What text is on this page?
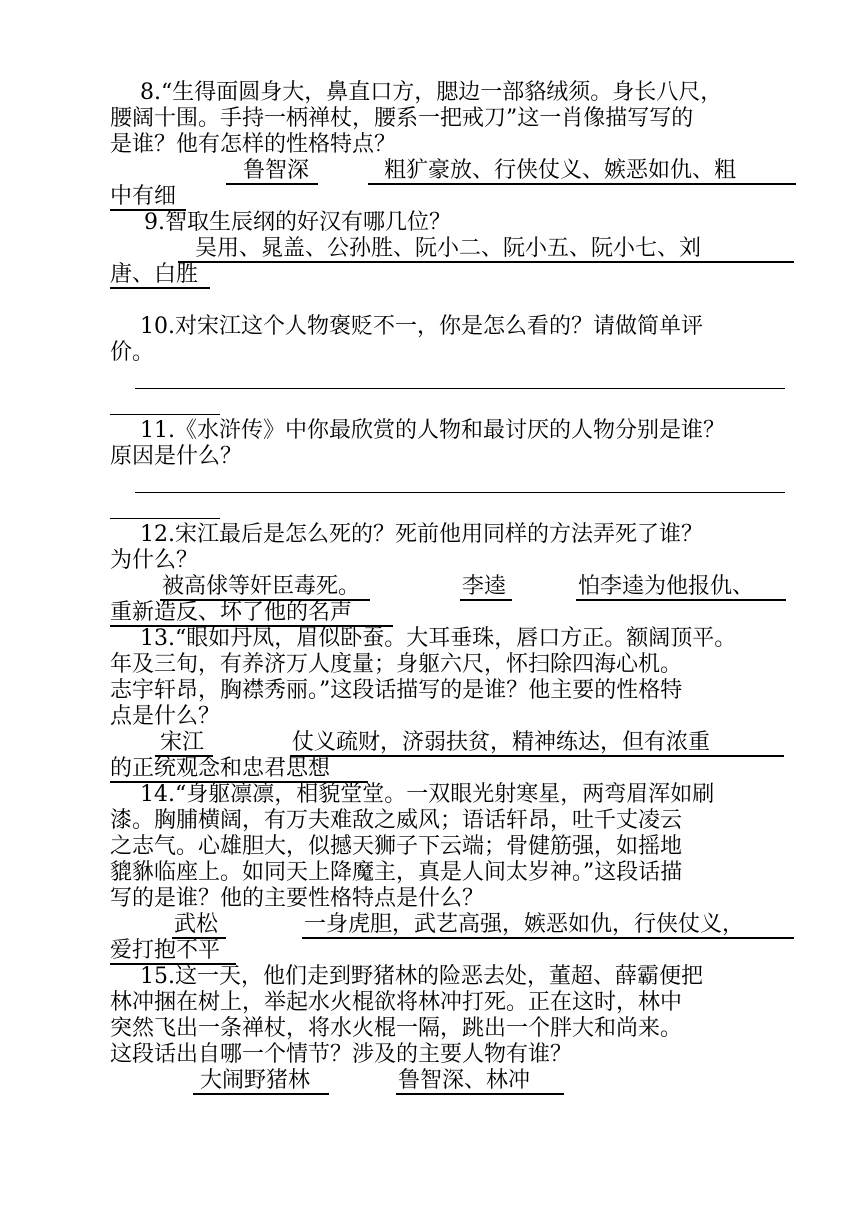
8.“生得面圆身大，鼻直口方，腮边一部貉绒须。身长八尺，
腰阔十围。手持一柄禅杖，腰系一把戒刀”这一肖像描写写的
是谁？他有怎样的性格特点？
鲁智深	粗犷豪放、行侠仗义、嫉恶如仇、粗
中有细
9.智取生辰纲的好汉有哪几位？
吴用、晁盖、公孙胜、阮小二、阮小五、阮小七、刘
唐、白胜
10.对宋江这个人物褒贬不一，你是怎么看的？请做简单评
价。
11.《水浒传》中你最欣赏的人物和最讨厌的人物分别是谁？
原因是什么？
12.宋江最后是怎么死的？死前他用同样的方法弄死了谁？
为什么？
被高俅等奸臣毒死。	李逵	怕李逵为他报仇、
重新造反、坏了他的名声
13.“眼如丹凤，眉似卧蚕。大耳垂珠，唇口方正。额阔顶平。
年及三旬，有养济万人度量；身躯六尺，怀扫除四海心机。
志宇轩昂，胸襟秀丽。”这段话描写的是谁？他主要的性格特
点是什么？
宋江	仗义疏财，济弱扶贫，精神练达，但有浓重
的正统观念和忠君思想
14.“身躯凛凛，相貌堂堂。一双眼光射寒星，两弯眉浑如刷
漆。胸脯横阔，有万夫难敌之威风；语话轩昂，吐千丈凌云
之志气。心雄胆大，似撼天狮子下云端；骨健筋强，如摇地
貔貅临座上。如同天上降魔主，真是人间太岁神。”这段话描
写的是谁？他的主要性格特点是什么？
武松	一身虎胆，武艺高强，嫉恶如仇，行侠仗义，
爱打抱不平
15.这一天，他们走到野猪林的险恶去处，董超、薛霸便把
林冲捆在树上，举起水火棍欲将林冲打死。正在这时，林中
突然飞出一条禅杖，将水火棍一隔，跳出一个胖大和尚来。
这段话出自哪一个情节？涉及的主要人物有谁？
大闹野猪林	鲁智深、林冲
